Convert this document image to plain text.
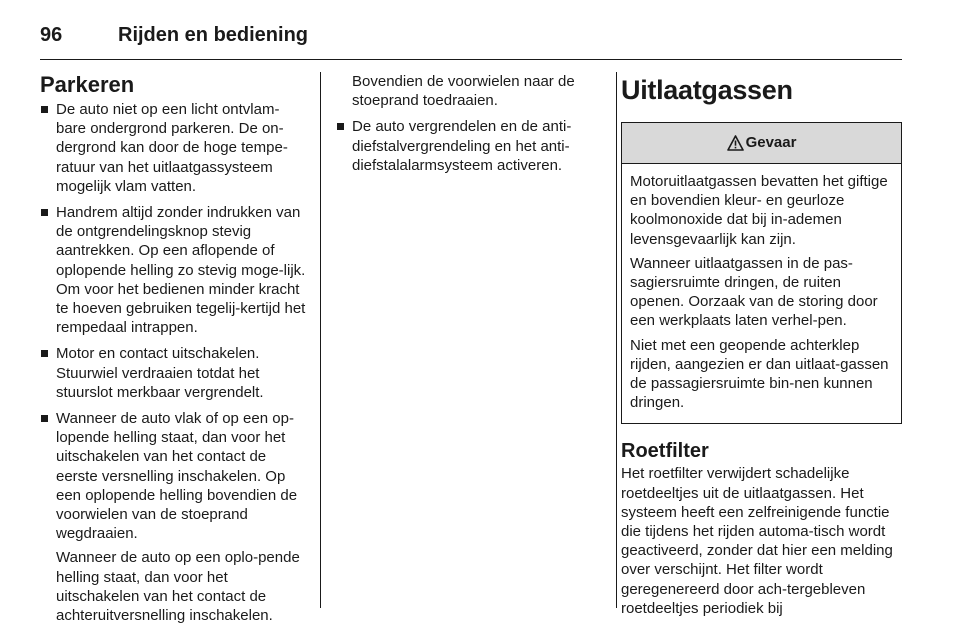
96	Rijden en bediening
Parkeren

De auto niet op een licht ontvlam-bare ondergrond parkeren. De on-dergrond kan door de hoge tempe-ratuur van het uitlaatgassysteem mogelijk vlam vatten.

Handrem altijd zonder indrukken van de ontgrendelingsknop stevig aantrekken. Op een aflopende of oplopende helling zo stevig moge-lijk. Om voor het bedienen minder kracht te hoeven gebruiken tegelij-kertijd het rempedaal intrappen.

Motor en contact uitschakelen. Stuurwiel verdraaien totdat het stuurslot merkbaar vergrendelt.

Wanneer de auto vlak of op een op-lopende helling staat, dan voor het uitschakelen van het contact de eerste versnelling inschakelen. Op een oplopende helling bovendien de voorwielen van de stoeprand wegdraaien.

Wanneer de auto op een oplo-pende helling staat, dan voor het uitschakelen van het contact de achteruitversnelling inschakelen.

Bovendien de voorwielen naar de stoeprand toedraaien.

De auto vergrendelen en de anti-diefstalvergrendeling en het anti-diefstalalarmsysteem activeren.

Uitlaatgassen
Gevaar

Motoruitlaatgassen bevatten het giftige en bovendien kleur- en geurloze koolmonoxide dat bij in-ademen levensgevaarlijk kan zijn.

Wanneer uitlaatgassen in de pas-sagiersruimte dringen, de ruiten openen. Oorzaak van de storing door een werkplaats laten verhel-pen.

Niet met een geopende achterklep rijden, aangezien er dan uitlaat-gassen de passagiersruimte bin-nen kunnen dringen.

Roetfilter

Het roetfilter verwijdert schadelijke roetdeeltjes uit de uitlaatgassen. Het systeem heeft een zelfreinigende functie die tijdens het rijden automa-tisch wordt geactiveerd, zonder dat hier een melding over verschijnt. Het filter wordt geregenereerd door ach-tergebleven roetdeeltjes periodiek bij
